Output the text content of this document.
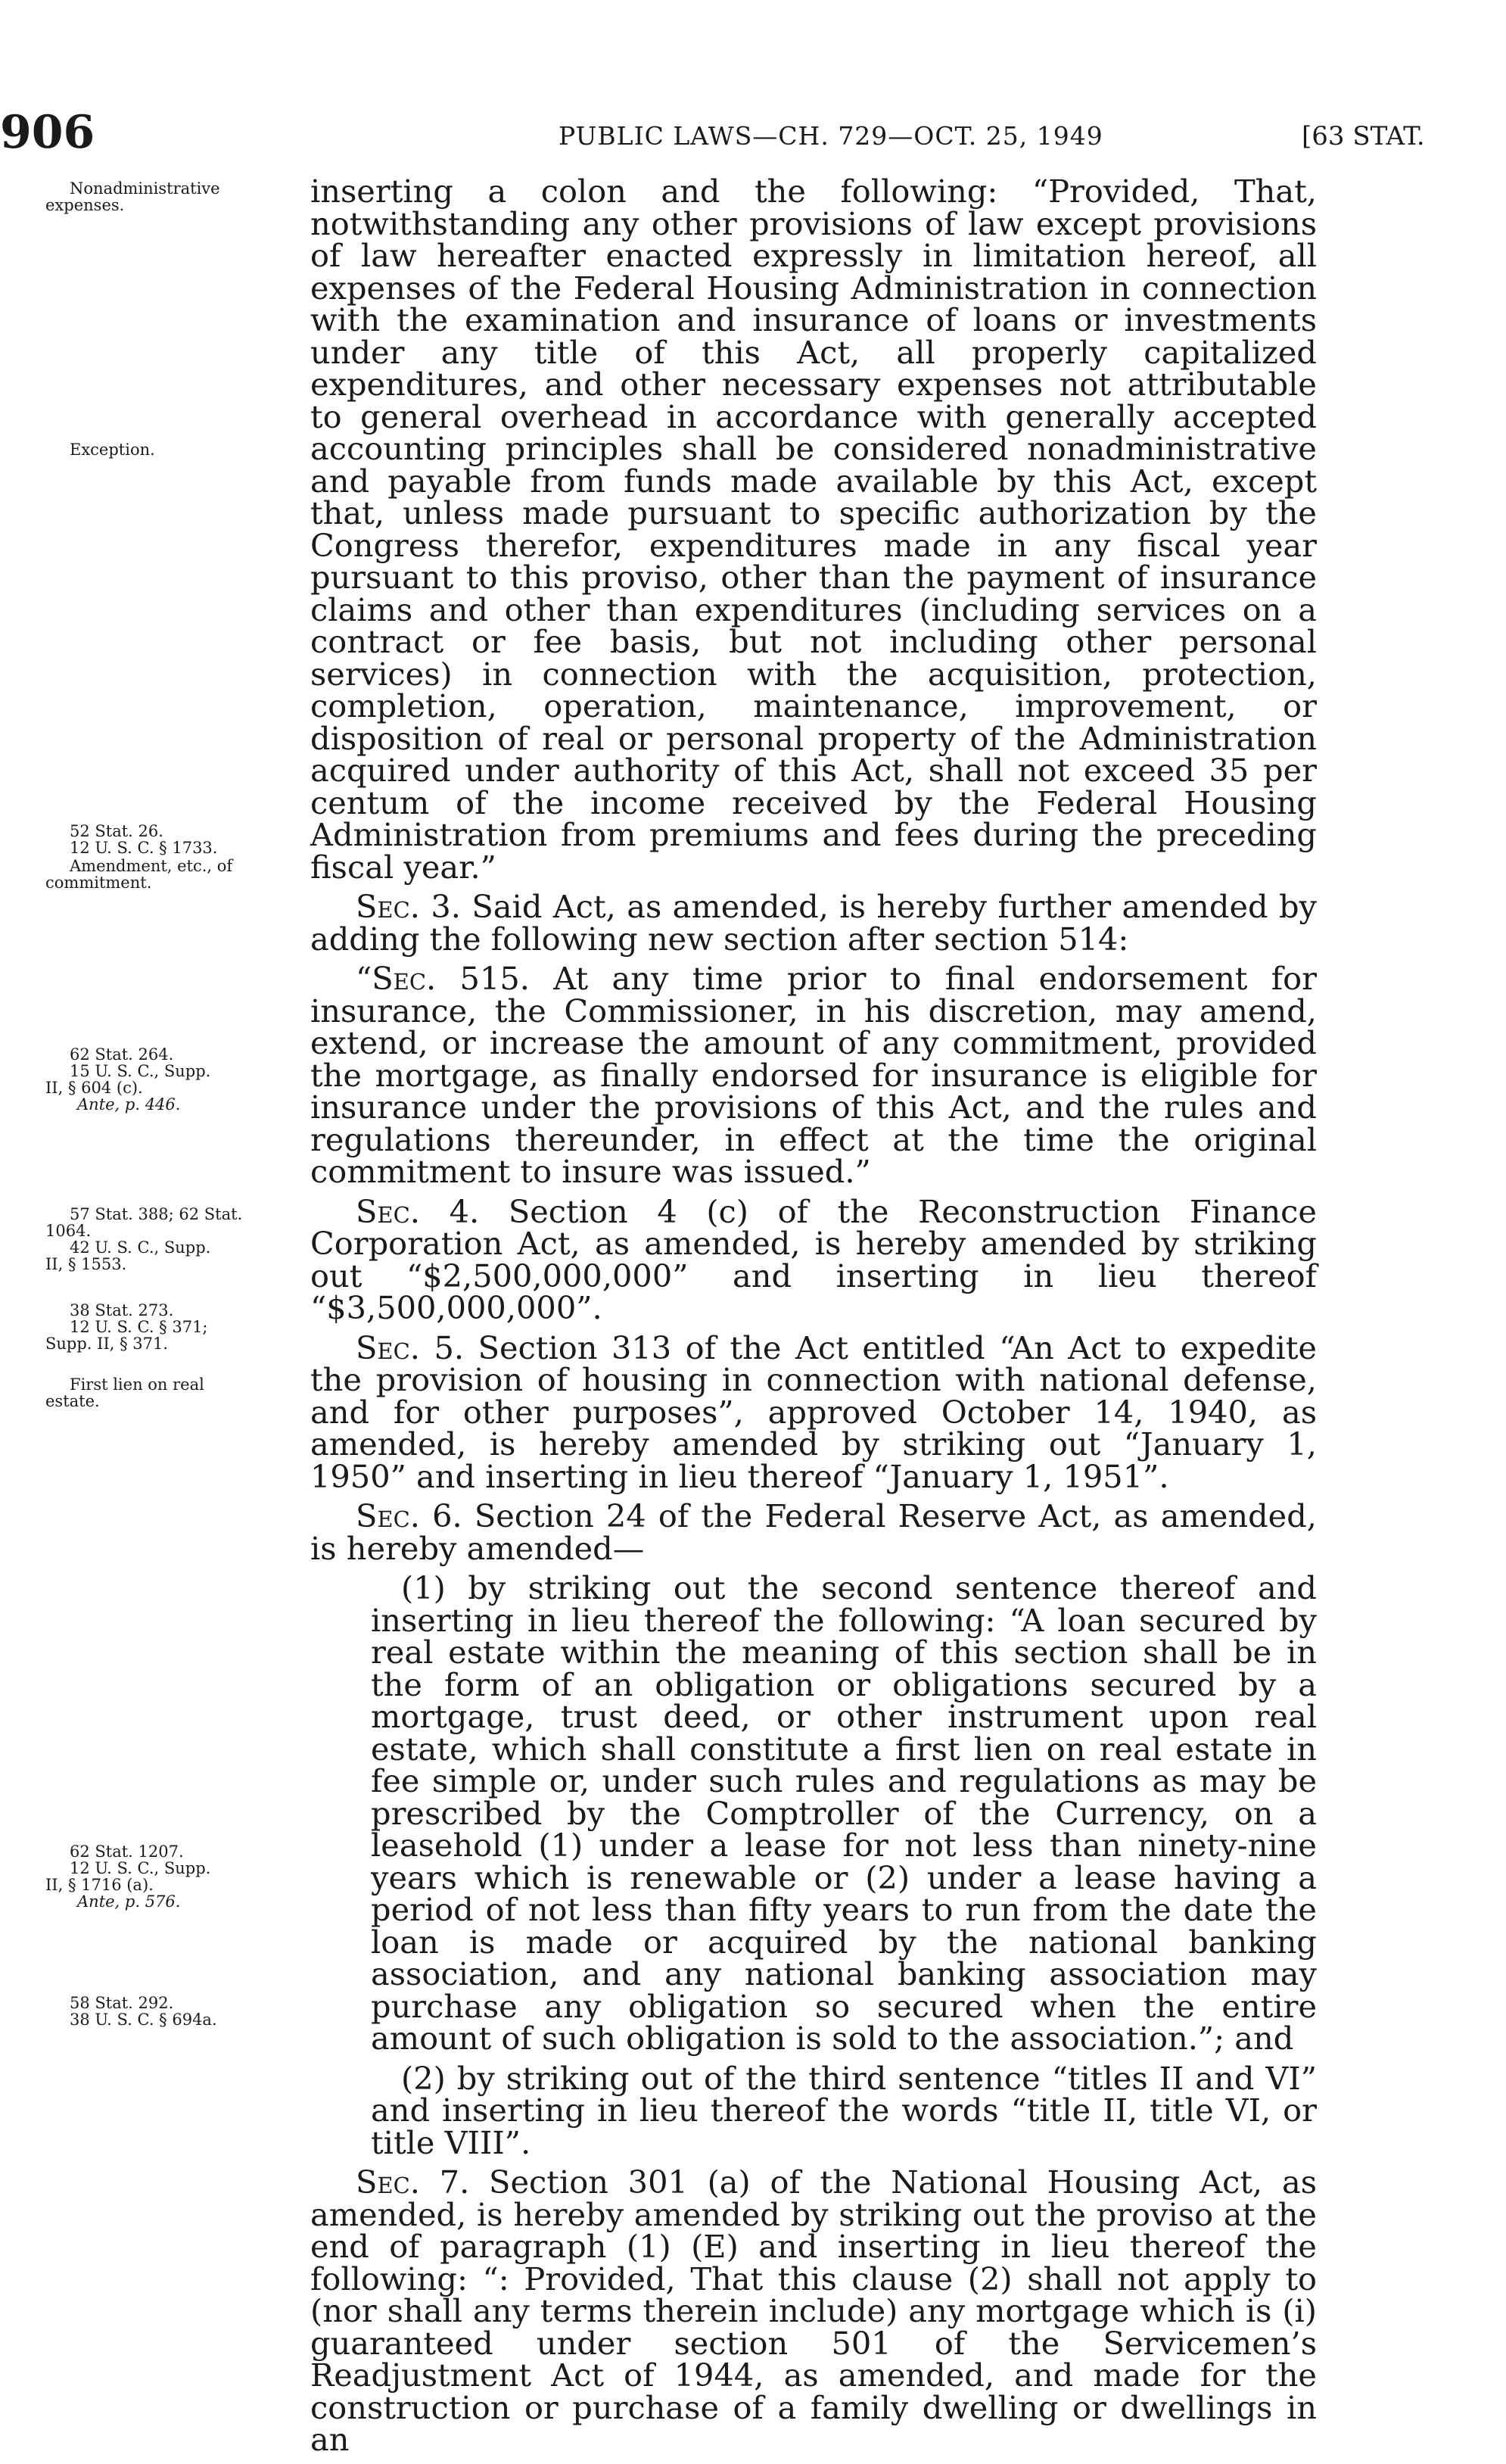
906	PUBLIC LAWS—CH. 729—OCT. 25, 1949	[63 STAT.
Nonadministrative
expenses.
Exception.
52 Stat. 26.
12 U. S. C. § 1733.
Amendment, etc., of
commitment.
62 Stat. 264.
15 U. S. C., Supp.
II, § 604 (c).
Ante, p. 446.
57 Stat. 388; 62 Stat.
1064.
42 U. S. C., Supp.
II, § 1553.
38 Stat. 273.
12 U. S. C. § 371;
Supp. II, § 371.
First lien on real
estate.
62 Stat. 1207.
12 U. S. C., Supp.
II, § 1716 (a).
Ante, p. 576.
58 Stat. 292.
38 U. S. C. § 694a.

inserting a colon and the following: “Provided, That, notwithstanding any other provisions of law except provisions of law hereafter enacted expressly in limitation hereof, all expenses of the Federal Housing Administration in connection with the examination and insurance of loans or investments under any title of this Act, all properly capitalized expenditures, and other necessary expenses not attributable to general overhead in accordance with generally accepted accounting principles shall be considered nonadministrative and payable from funds made available by this Act, except that, unless made pursuant to specific authorization by the Congress therefor, expenditures made in any fiscal year pursuant to this proviso, other than the payment of insurance claims and other than expenditures (including services on a contract or fee basis, but not including other personal services) in connection with the acquisition, protection, completion, operation, maintenance, improvement, or disposition of real or personal property of the Administration acquired under authority of this Act, shall not exceed 35 per centum of the income received by the Federal Housing Administration from premiums and fees during the preceding fiscal year.”

Sec. 3. Said Act, as amended, is hereby further amended by adding the following new section after section 514:

“Sec. 515. At any time prior to final endorsement for insurance, the Commissioner, in his discretion, may amend, extend, or increase the amount of any commitment, provided the mortgage, as finally endorsed for insurance is eligible for insurance under the provisions of this Act, and the rules and regulations thereunder, in effect at the time the original commitment to insure was issued.”

Sec. 4. Section 4 (c) of the Reconstruction Finance Corporation Act, as amended, is hereby amended by striking out “$2,500,000,000” and inserting in lieu thereof “$3,500,000,000”.

Sec. 5. Section 313 of the Act entitled “An Act to expedite the provision of housing in connection with national defense, and for other purposes”, approved October 14, 1940, as amended, is hereby amended by striking out “January 1, 1950” and inserting in lieu thereof “January 1, 1951”.

Sec. 6. Section 24 of the Federal Reserve Act, as amended, is hereby amended—

(1) by striking out the second sentence thereof and inserting in lieu thereof the following: “A loan secured by real estate within the meaning of this section shall be in the form of an obligation or obligations secured by a mortgage, trust deed, or other instrument upon real estate, which shall constitute a first lien on real estate in fee simple or, under such rules and regulations as may be prescribed by the Comptroller of the Currency, on a leasehold (1) under a lease for not less than ninety-nine years which is renewable or (2) under a lease having a period of not less than fifty years to run from the date the loan is made or acquired by the national banking association, and any national banking association may purchase any obligation so secured when the entire amount of such obligation is sold to the association.”; and

(2) by striking out of the third sentence “titles II and VI” and inserting in lieu thereof the words “title II, title VI, or title VIII”.

Sec. 7. Section 301 (a) of the National Housing Act, as amended, is hereby amended by striking out the proviso at the end of paragraph (1) (E) and inserting in lieu thereof the following: “: Provided, That this clause (2) shall not apply to (nor shall any terms therein include) any mortgage which is (i) guaranteed under section 501 of the Servicemen’s Readjustment Act of 1944, as amended, and made for the construction or purchase of a family dwelling or dwellings in an
